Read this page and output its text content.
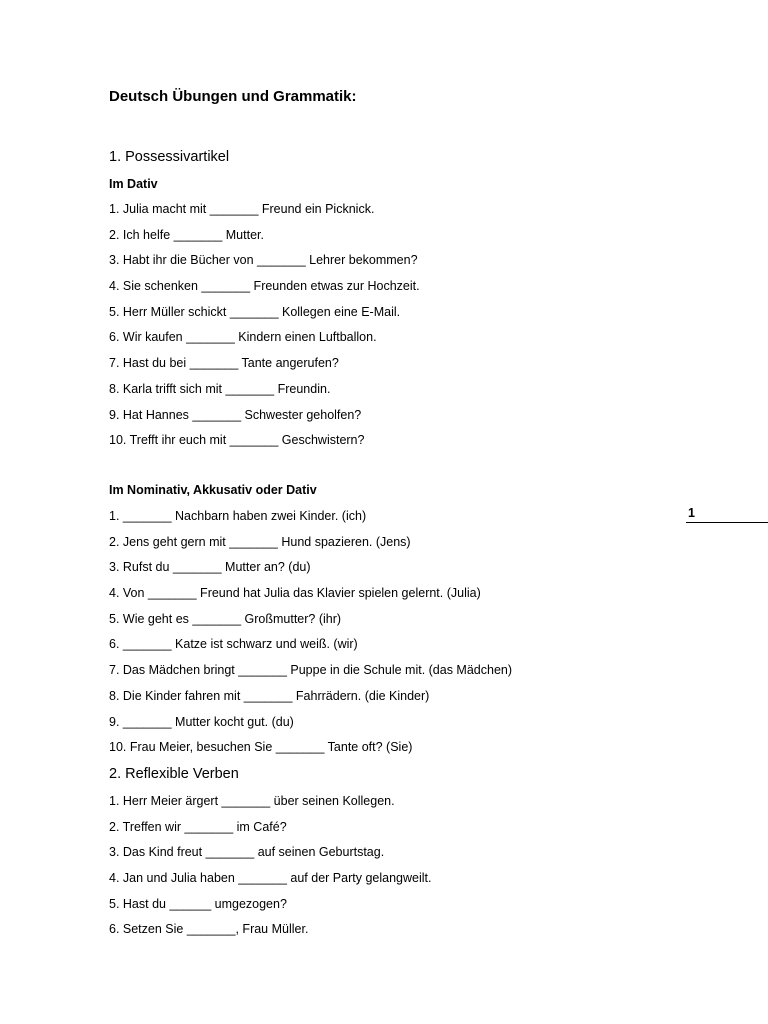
Deutsch Übungen und Grammatik:
1. Possessivartikel
Im Dativ
1. Julia macht mit _______ Freund ein Picknick.
2. Ich helfe _______ Mutter.
3. Habt ihr die Bücher von _______ Lehrer bekommen?
4. Sie schenken _______ Freunden etwas zur Hochzeit.
5. Herr Müller schickt _______ Kollegen eine E-Mail.
6. Wir kaufen _______ Kindern einen Luftballon.
7. Hast du bei _______ Tante angerufen?
8. Karla trifft sich mit _______ Freundin.
9. Hat Hannes _______ Schwester geholfen?
10. Trefft ihr euch mit _______ Geschwistern?
Im Nominativ, Akkusativ oder Dativ
1. _______ Nachbarn haben zwei Kinder. (ich)
2. Jens geht gern mit _______ Hund spazieren. (Jens)
3. Rufst du _______ Mutter an? (du)
4. Von _______ Freund hat Julia das Klavier spielen gelernt. (Julia)
5. Wie geht es _______ Großmutter? (ihr)
6. _______ Katze ist schwarz und weiß. (wir)
7. Das Mädchen bringt _______ Puppe in die Schule mit. (das Mädchen)
8. Die Kinder fahren mit _______ Fahrrädern. (die Kinder)
9. _______ Mutter kocht gut. (du)
10. Frau Meier, besuchen Sie _______ Tante oft? (Sie)
2. Reflexible Verben
1. Herr Meier ärgert _______ über seinen Kollegen.
2. Treffen wir _______ im Café?
3. Das Kind freut _______ auf seinen Geburtstag.
4. Jan und Julia haben _______ auf der Party gelangweilt.
5. Hast du ______ umgezogen?
6. Setzen Sie _______, Frau Müller.
1
